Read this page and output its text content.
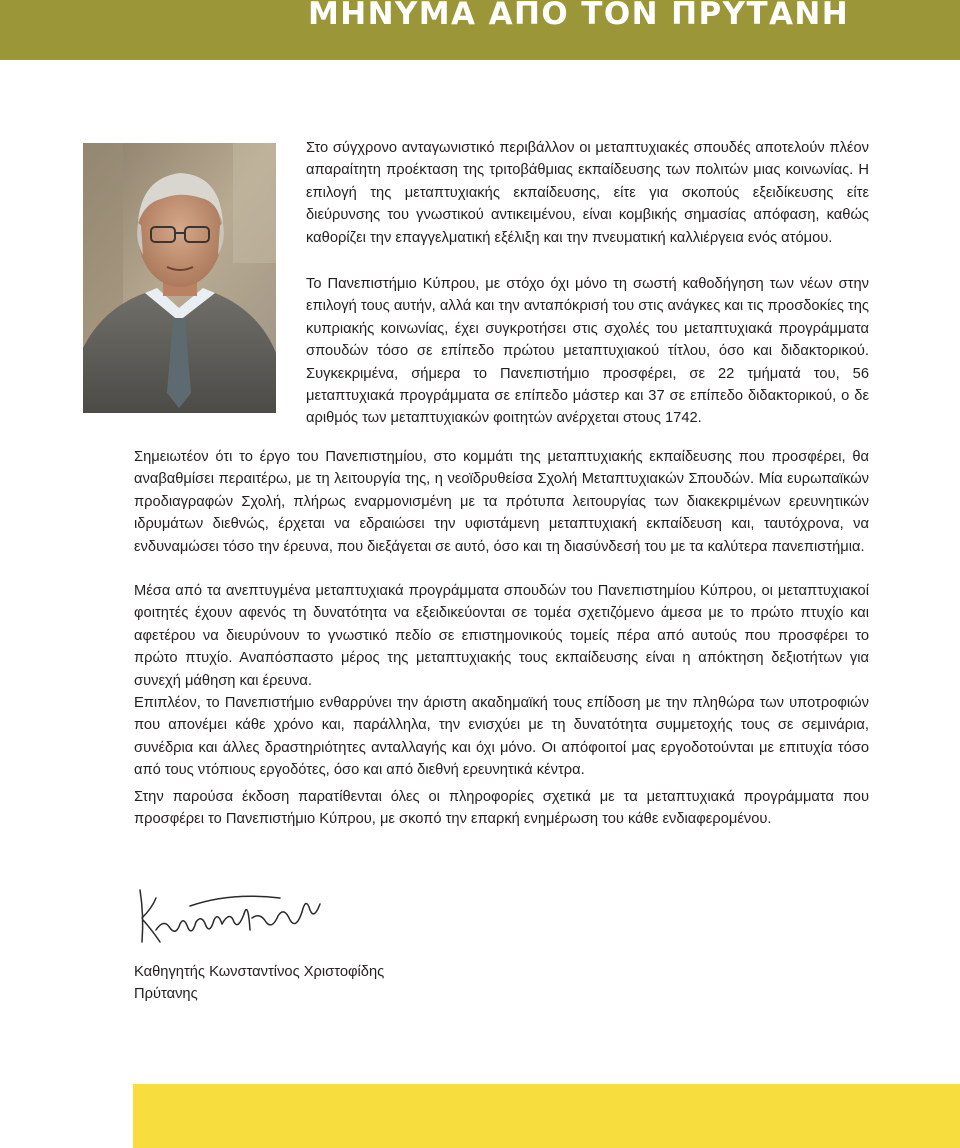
ΜΗΝΥΜΑ ΑΠΟ ΤΟΝ ΠΡΥΤΑΝΗ

Στο σύγχρονο ανταγωνιστικό περιβάλλον οι μεταπτυχιακές σπουδές αποτελούν πλέον απαραίτητη προέκταση της τριτοβάθμιας εκπαίδευσης των πολιτών μιας κοινωνίας. Η επιλογή της μεταπτυχιακής εκπαίδευσης, είτε για σκοπούς εξειδίκευσης είτε διεύρυνσης του γνωστικού αντικειμένου, είναι κομβικής σημασίας απόφαση, καθώς καθορίζει την επαγγελματική εξέλιξη και την πνευματική καλλιέργεια ενός ατόμου.

Το Πανεπιστήμιο Κύπρου, με στόχο όχι μόνο τη σωστή καθοδήγηση των νέων στην επιλογή τους αυτήν, αλλά και την ανταπόκρισή του στις ανάγκες και τις προσδοκίες της κυπριακής κοινωνίας, έχει συγκροτήσει στις σχολές του μεταπτυχιακά προγράμματα σπουδών τόσο σε επίπεδο πρώτου μεταπτυχιακού τίτλου, όσο και διδακτορικού. Συγκεκριμένα, σήμερα το Πανεπιστήμιο προσφέρει, σε 22 τμήματά του, 56 μεταπτυχιακά προγράμματα σε επίπεδο μάστερ και 37 σε επίπεδο διδακτορικού, ο δε αριθμός των μεταπτυχιακών φοιτητών ανέρχεται στους 1742.

Σημειωτέον ότι το έργο του Πανεπιστημίου, στο κομμάτι της μεταπτυχιακής εκπαίδευσης που προσφέρει, θα αναβαθμίσει περαιτέρω, με τη λειτουργία της, η νεοϊδρυθείσα Σχολή Μεταπτυχιακών Σπουδών. Μία ευρωπαϊκών προδιαγραφών Σχολή, πλήρως εναρμονισμένη με τα πρότυπα λειτουργίας των διακεκριμένων ερευνητικών ιδρυμάτων διεθνώς, έρχεται να εδραιώσει την υφιστάμενη μεταπτυχιακή εκπαίδευση και, ταυτόχρονα, να ενδυναμώσει τόσο την έρευνα, που διεξάγεται σε αυτό, όσο και τη διασύνδεσή του με τα καλύτερα πανεπιστήμια.

Μέσα από τα ανεπτυγμένα μεταπτυχιακά προγράμματα σπουδών του Πανεπιστημίου Κύπρου, οι μεταπτυχιακοί φοιτητές έχουν αφενός τη δυνατότητα να εξειδικεύονται σε τομέα σχετιζόμενο άμεσα με το πρώτο πτυχίο και αφετέρου να διευρύνουν το γνωστικό πεδίο σε επιστημονικούς τομείς πέρα από αυτούς που προσφέρει το πρώτο πτυχίο. Αναπόσπαστο μέρος της μεταπτυχιακής τους εκπαίδευσης είναι η απόκτηση δεξιοτήτων για συνεχή μάθηση και έρευνα.

Επιπλέον, το Πανεπιστήμιο ενθαρρύνει την άριστη ακαδημαϊκή τους επίδοση με την πληθώρα των υποτροφιών που απονέμει κάθε χρόνο και, παράλληλα, την ενισχύει με τη δυνατότητα συμμετοχής τους σε σεμινάρια, συνέδρια και άλλες δραστηριότητες ανταλλαγής και όχι μόνο. Οι απόφοιτοί μας εργοδοτούνται με επιτυχία τόσο από τους ντόπιους εργοδότες, όσο και από διεθνή ερευνητικά κέντρα.

Στην παρούσα έκδοση παρατίθενται όλες οι πληροφορίες σχετικά με τα μεταπτυχιακά προγράμματα που προσφέρει το Πανεπιστήμιο Κύπρου, με σκοπό την επαρκή ενημέρωση του κάθε ενδιαφερομένου.

Καθηγητής Κωνσταντίνος Χριστοφίδης
Πρύτανης
